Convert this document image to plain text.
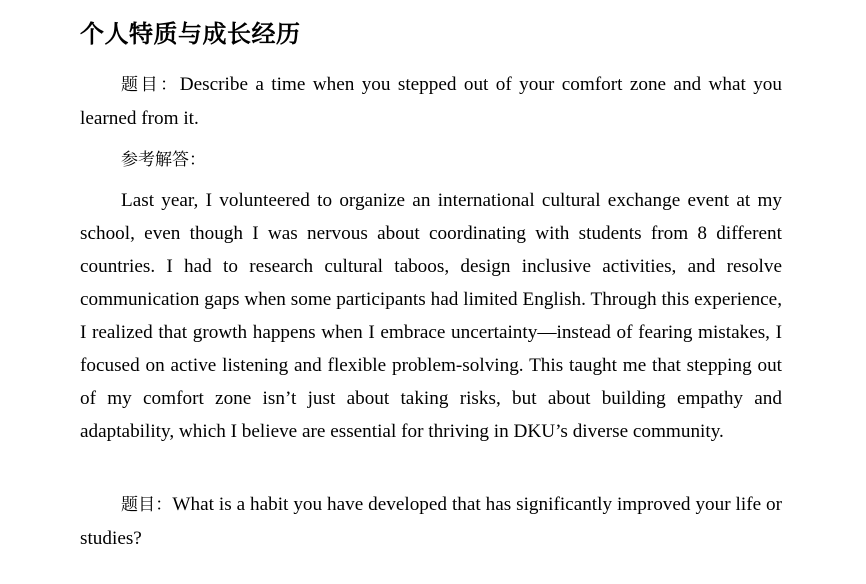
个人特质与成长经历

题目：Describe a time when you stepped out of your comfort zone and what you learned from it.

参考解答：

Last year, I volunteered to organize an international cultural exchange event at my school, even though I was nervous about coordinating with students from 8 different countries. I had to research cultural taboos, design inclusive activities, and resolve communication gaps when some participants had limited English. Through this experience, I realized that growth happens when I embrace uncertainty—instead of fearing mistakes, I focused on active listening and flexible problem-solving. This taught me that stepping out of my comfort zone isn’t just about taking risks, but about building empathy and adaptability, which I believe are essential for thriving in DKU’s diverse community.

题目：What is a habit you have developed that has significantly improved your life or studies?
